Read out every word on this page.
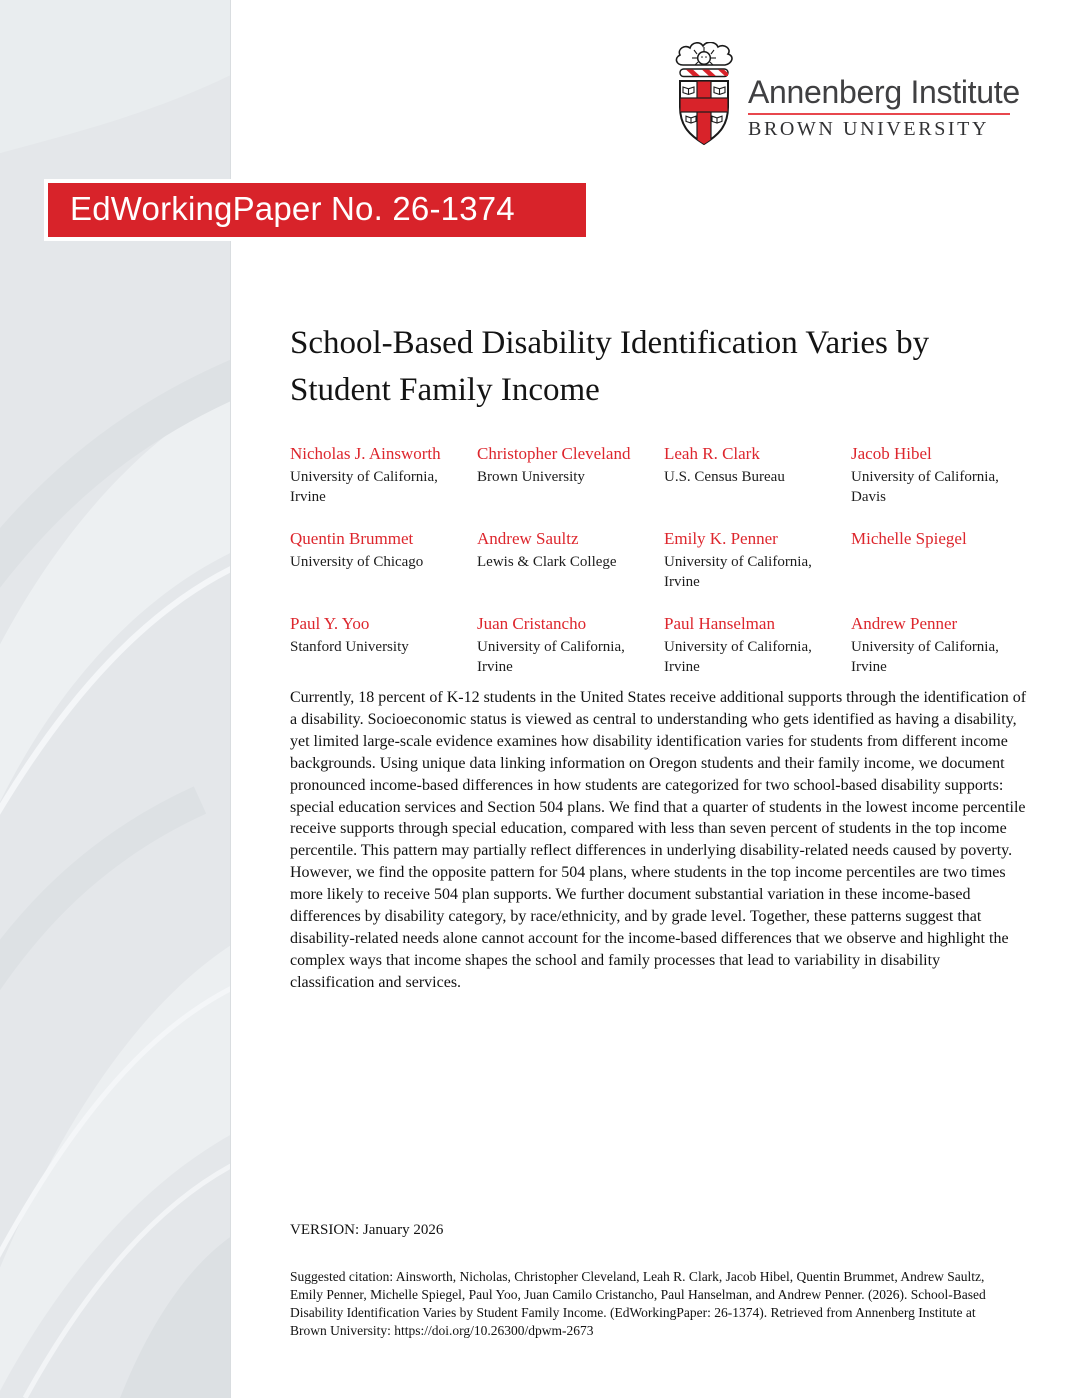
Annenberg Institute
BROWN UNIVERSITY
EdWorkingPaper No. 26-1374
School-Based Disability Identification Varies by
Student Family Income
Nicholas J. Ainsworth
University of California, Irvine
Christopher Cleveland
Brown University
Leah R. Clark
U.S. Census Bureau
Jacob Hibel
University of California, Davis
Quentin Brummet
University of Chicago
Andrew Saultz
Lewis & Clark College
Emily K. Penner
University of California, Irvine
Michelle Spiegel
Paul Y. Yoo
Stanford University
Juan Cristancho
University of California, Irvine
Paul Hanselman
University of California, Irvine
Andrew Penner
University of California, Irvine
Currently, 18 percent of K-12 students in the United States receive additional supports through the identification of a disability. Socioeconomic status is viewed as central to understanding who gets identified as having a disability, yet limited large-scale evidence examines how disability identification varies for students from different income backgrounds. Using unique data linking information on Oregon students and their family income, we document pronounced income-based differences in how students are categorized for two school-based disability supports: special education services and Section 504 plans. We find that a quarter of students in the lowest income percentile receive supports through special education, compared with less than seven percent of students in the top income percentile. This pattern may partially reflect differences in underlying disability-related needs caused by poverty. However, we find the opposite pattern for 504 plans, where students in the top income percentiles are two times more likely to receive 504 plan supports. We further document substantial variation in these income-based differences by disability category, by race/ethnicity, and by grade level. Together, these patterns suggest that disability-related needs alone cannot account for the income-based differences that we observe and highlight the complex ways that income shapes the school and family processes that lead to variability in disability classification and services.
VERSION: January 2026
Suggested citation: Ainsworth, Nicholas, Christopher Cleveland, Leah R. Clark, Jacob Hibel, Quentin Brummet, Andrew Saultz, Emily Penner, Michelle Spiegel, Paul Yoo, Juan Camilo Cristancho, Paul Hanselman, and Andrew Penner. (2026). School-Based Disability Identification Varies by Student Family Income. (EdWorkingPaper: 26-1374). Retrieved from Annenberg Institute at Brown University: https://doi.org/10.26300/dpwm-2673
